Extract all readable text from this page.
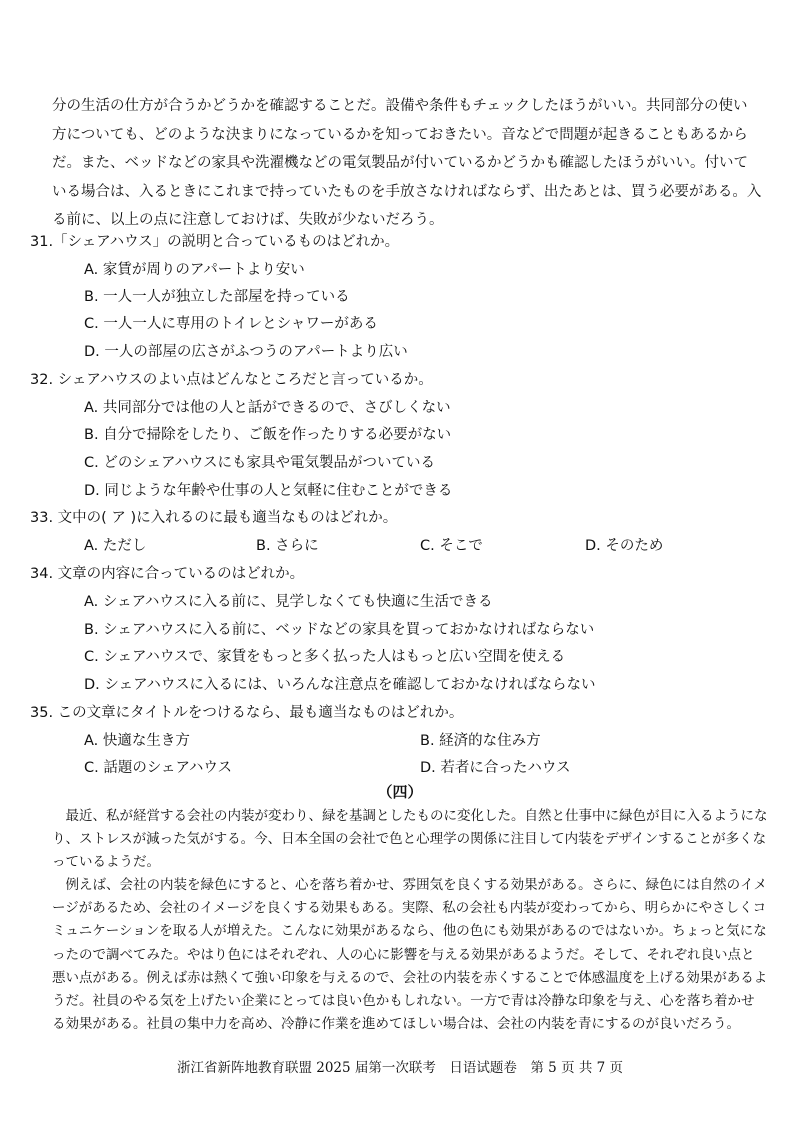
分の生活の仕方が合うかどうかを確認することだ。設備や条件もチェックしたほうがいい。共同部分の使い方についても、どのような決まりになっているかを知っておきたい。音などで問題が起きることもあるからだ。また、ベッドなどの家具や洗濯機などの電気製品が付いているかどうかも確認したほうがいい。付いている場合は、入るときにこれまで持っていたものを手放さなければならず、出たあとは、買う必要がある。入る前に、以上の点に注意しておけば、失敗が少ないだろう。

31.「シェアハウス」の説明と合っているものはどれか。
A. 家賃が周りのアパートより安い
B. 一人一人が独立した部屋を持っている
C. 一人一人に専用のトイレとシャワーがある
D. 一人の部屋の広さがふつうのアパートより広い
32. シェアハウスのよい点はどんなところだと言っているか。
A. 共同部分では他の人と話ができるので、さびしくない
B. 自分で掃除をしたり、ご飯を作ったりする必要がない
C. どのシェアハウスにも家具や電気製品がついている
D. 同じような年齢や仕事の人と気軽に住むことができる
33. 文中の( ア )に入れるのに最も適当なものはどれか。
A. ただし	B. さらに	C. そこで	D. そのため
34. 文章の内容に合っているのはどれか。
A. シェアハウスに入る前に、見学しなくても快適に生活できる
B. シェアハウスに入る前に、ベッドなどの家具を買っておかなければならない
C. シェアハウスで、家賃をもっと多く払った人はもっと広い空間を使える
D. シェアハウスに入るには、いろんな注意点を確認しておかなければならない
35. この文章にタイトルをつけるなら、最も適当なものはどれか。
A. 快適な生き方	B. 経済的な住み方
C. 話題のシェアハウス	D. 若者に合ったハウス
（四）

最近、私が経営する会社の内装が変わり、緑を基調としたものに変化した。自然と仕事中に緑色が目に入るようになり、ストレスが減った気がする。今、日本全国の会社で色と心理学の関係に注目して内装をデザインすることが多くなっているようだ。

例えば、会社の内装を緑色にすると、心を落ち着かせ、雰囲気を良くする効果がある。さらに、緑色には自然のイメージがあるため、会社のイメージを良くする効果もある。実際、私の会社も内装が変わってから、明らかにやさしくコミュニケーションを取る人が増えた。こんなに効果があるなら、他の色にも効果があるのではないか。ちょっと気になったので調べてみた。やはり色にはそれぞれ、人の心に影響を与える効果があるようだ。そして、それぞれ良い点と悪い点がある。例えば赤は熱くて強い印象を与えるので、会社の内装を赤くすることで体感温度を上げる効果があるようだ。社員のやる気を上げたい企業にとっては良い色かもしれない。一方で青は冷静な印象を与え、心を落ち着かせる効果がある。社員の集中力を高め、冷静に作業を進めてほしい場合は、会社の内装を青にするのが良いだろう。

浙江省新阵地教育联盟 2025 届第一次联考　日语试题卷　第 5 页 共 7 页
